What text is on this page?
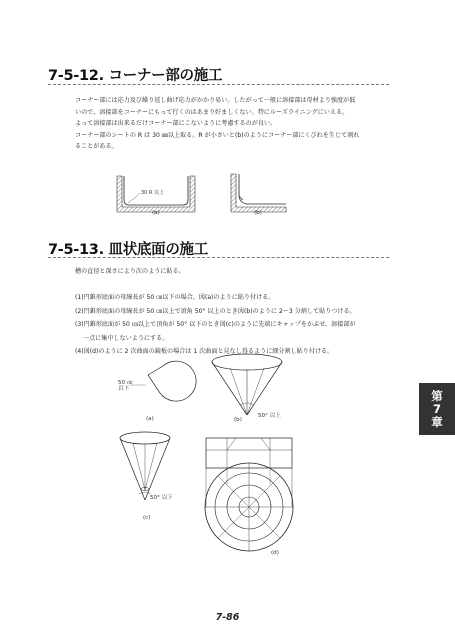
7-5-12. コーナー部の施工
コーナー部には応力及び繰り返し曲げ応力がかかり易い。したがって一般に溶接部は母材より強度が低
いので、溶接部をコーナーにもって行くのはあまり好ましくない。特にルーズライニングにいえる。
よって溶接部は出来るだけコーナー部にこないように考慮するのが良い。
コーナー部のシートの R は 30 ㎜以上取る。R が小さいと(b)のようにコーナー部にくびれを生じて割れ
ることがある。
30 R 以上
(a)	(b)
7-5-13. 皿状底面の施工
槽の直径と深さにより次のように貼る。
(1)円錐形底面の母線長が 50 ㎝以下の場合、図(a)のように貼り付ける。
(2)円錐形底面の母線長が 50 ㎝以上で頂角 50° 以上のとき図(b)のように 2～3 分割して貼りつける。
(3)円錐形底面が 50 ㎝以上で頂角が 50° 以下のとき図(c)のように先端にキャップをかぶせ、溶接部が
一点に集中しないようにする。
(4)図(d)のように 2 次曲面の鏡板の場合は 1 次曲面と見なし得るように細分割し貼り付ける。
50 ㎝
以下
(a)	50° 以上
(b)
50° 以下
(c)
(d)
第
7
章
7-86
